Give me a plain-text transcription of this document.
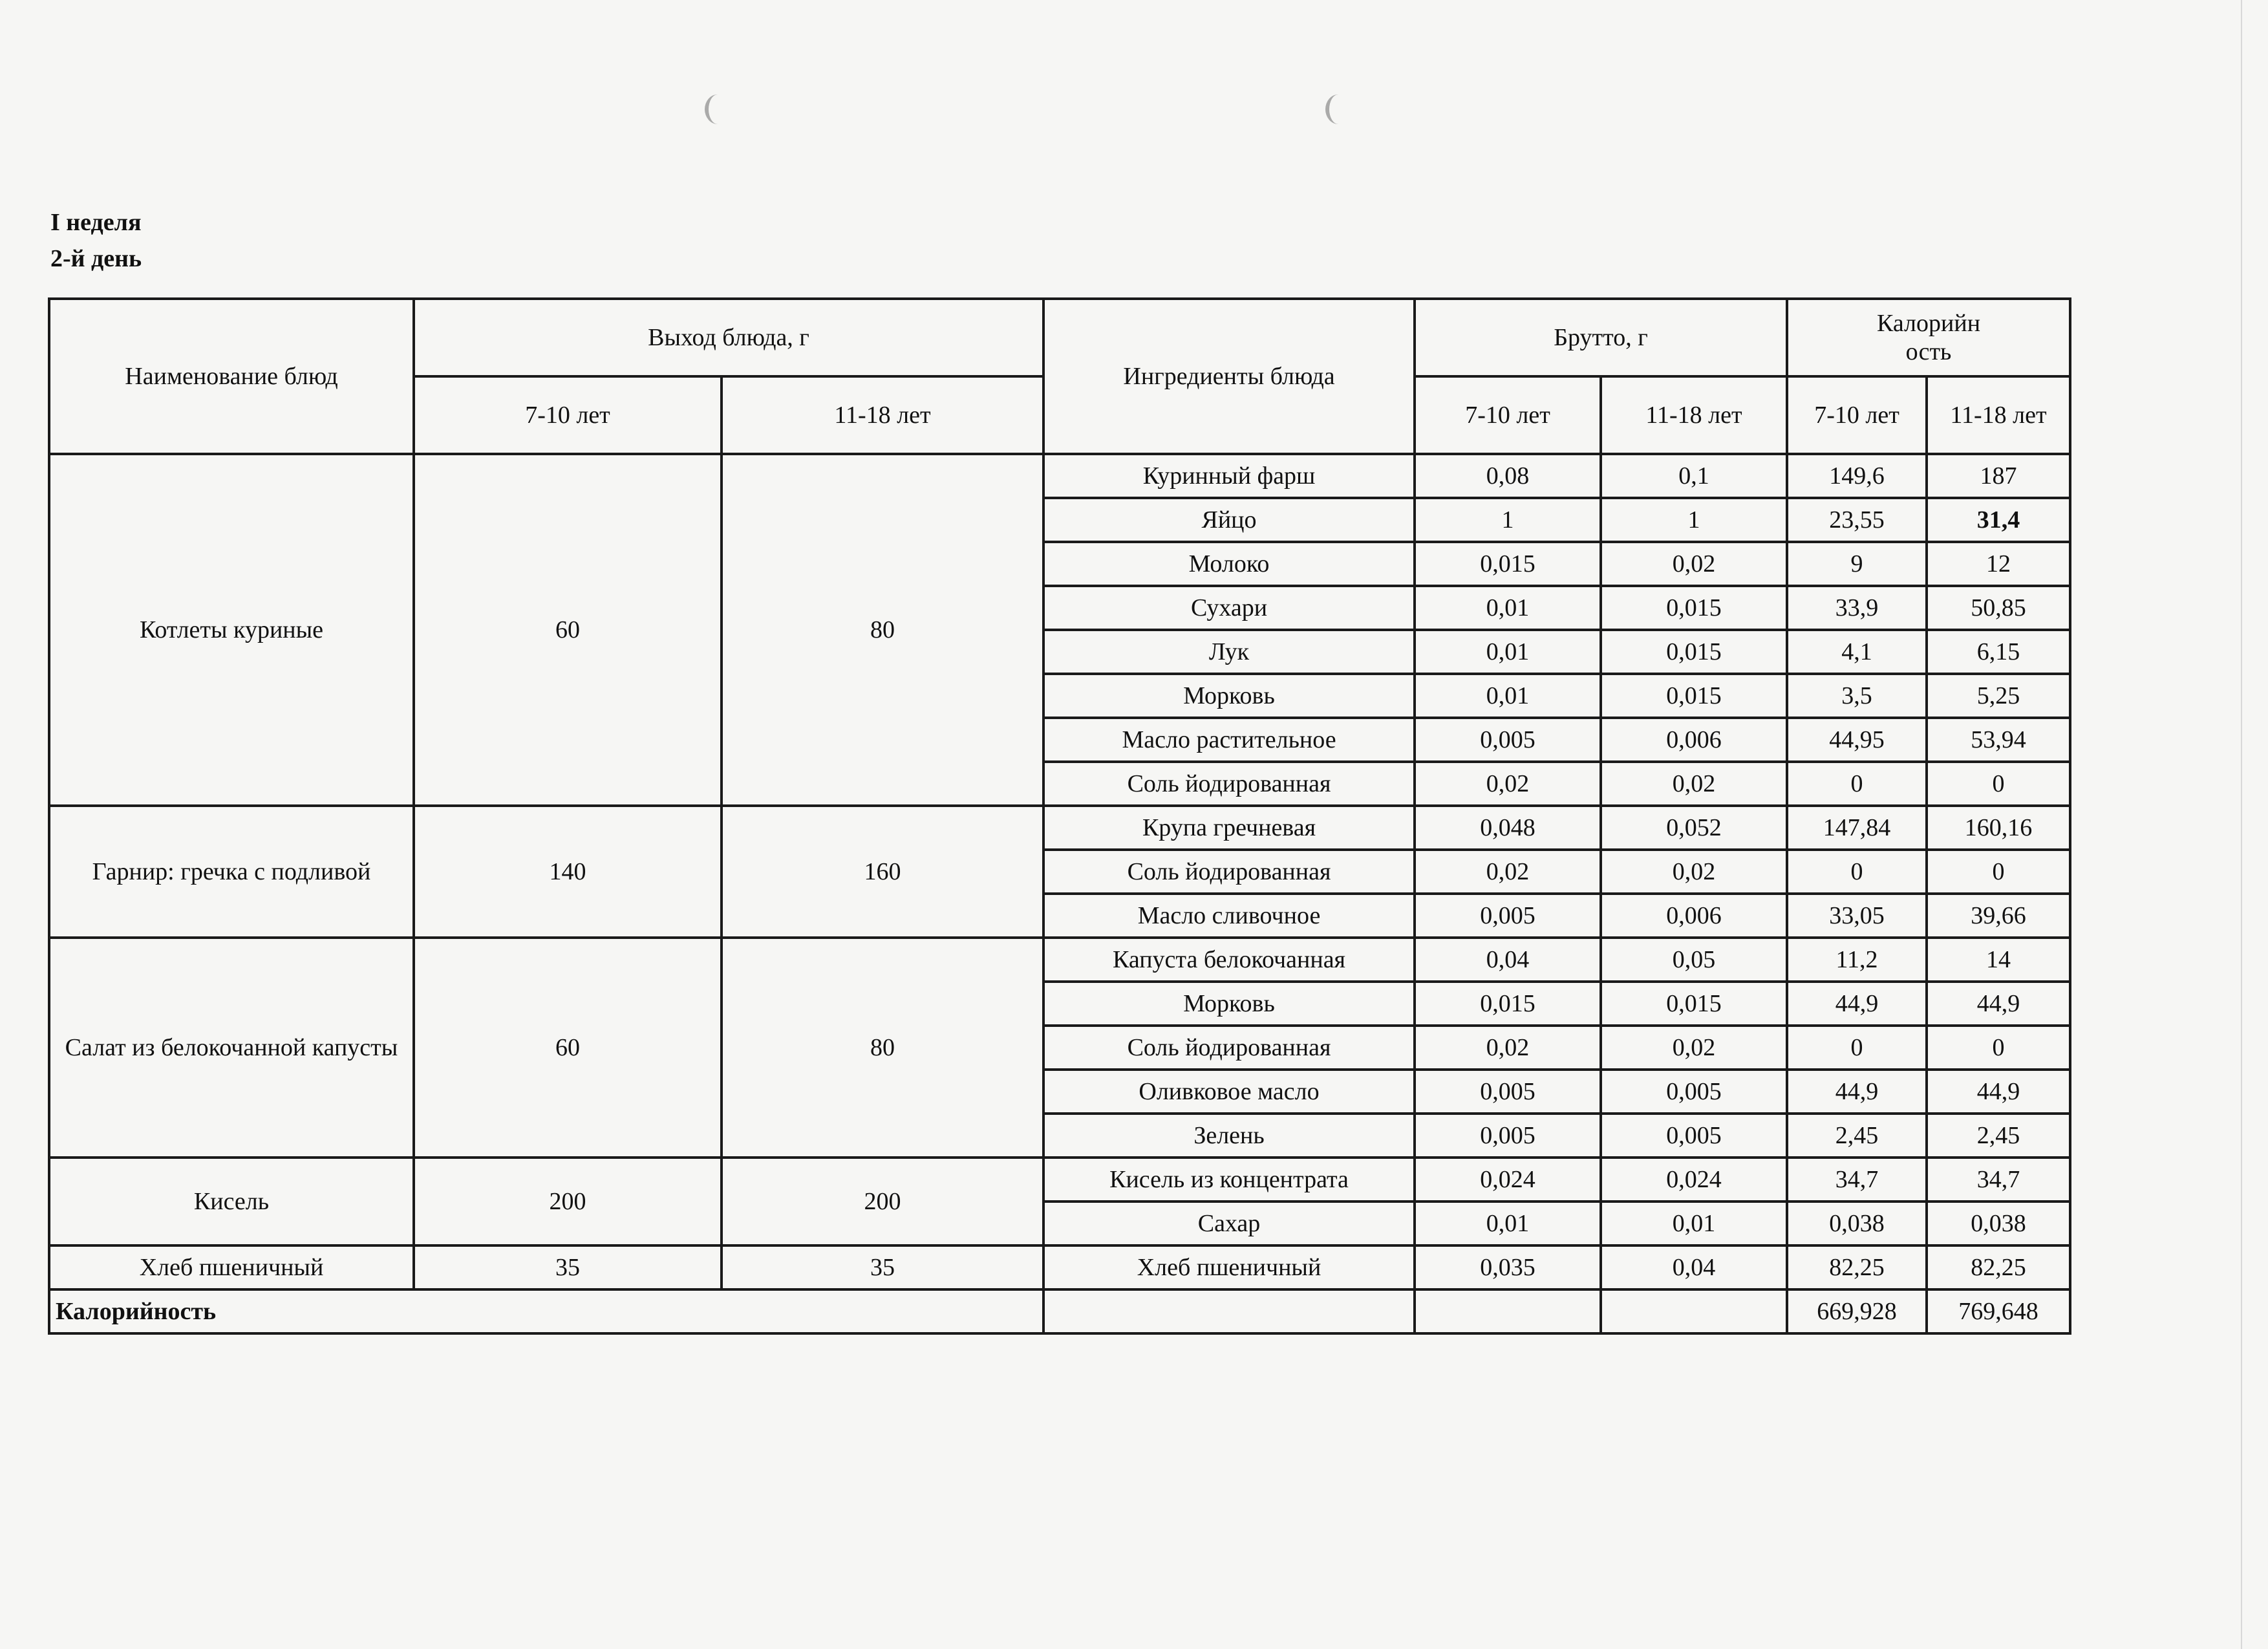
I неделя
2-й день
Наименование блюд	Выход блюда, г		Ингредиенты блюда	Брутто, г		Калорийн
ость	
	7-10 лет	11-18 лет		7-10 лет	11-18 лет	7-10 лет	11-18 лет
Котлеты куриные	60	80	Куринный фарш	0,08	0,1	149,6	187
			Яйцо	1	1	23,55	31,4
			Молоко	0,015	0,02	9	12
			Сухари	0,01	0,015	33,9	50,85
			Лук	0,01	0,015	4,1	6,15
			Морковь	0,01	0,015	3,5	5,25
			Масло растительное	0,005	0,006	44,95	53,94
			Соль йодированная	0,02	0,02	0	0
Гарнир: гречка с подливой	140	160	Крупа гречневая	0,048	0,052	147,84	160,16
			Соль йодированная	0,02	0,02	0	0
			Масло сливочное	0,005	0,006	33,05	39,66
Салат из белокочанной капусты	60	80	Капуста белокочанная	0,04	0,05	11,2	14
			Морковь	0,015	0,015	44,9	44,9
			Соль йодированная	0,02	0,02	0	0
			Оливковое масло	0,005	0,005	44,9	44,9
			Зелень	0,005	0,005	2,45	2,45
Кисель	200	200	Кисель из концентрата	0,024	0,024	34,7	34,7
			Сахар	0,01	0,01	0,038	0,038
Хлеб пшеничный	35	35	Хлеб пшеничный	0,035	0,04	82,25	82,25
Калорийность						669,928	769,648
